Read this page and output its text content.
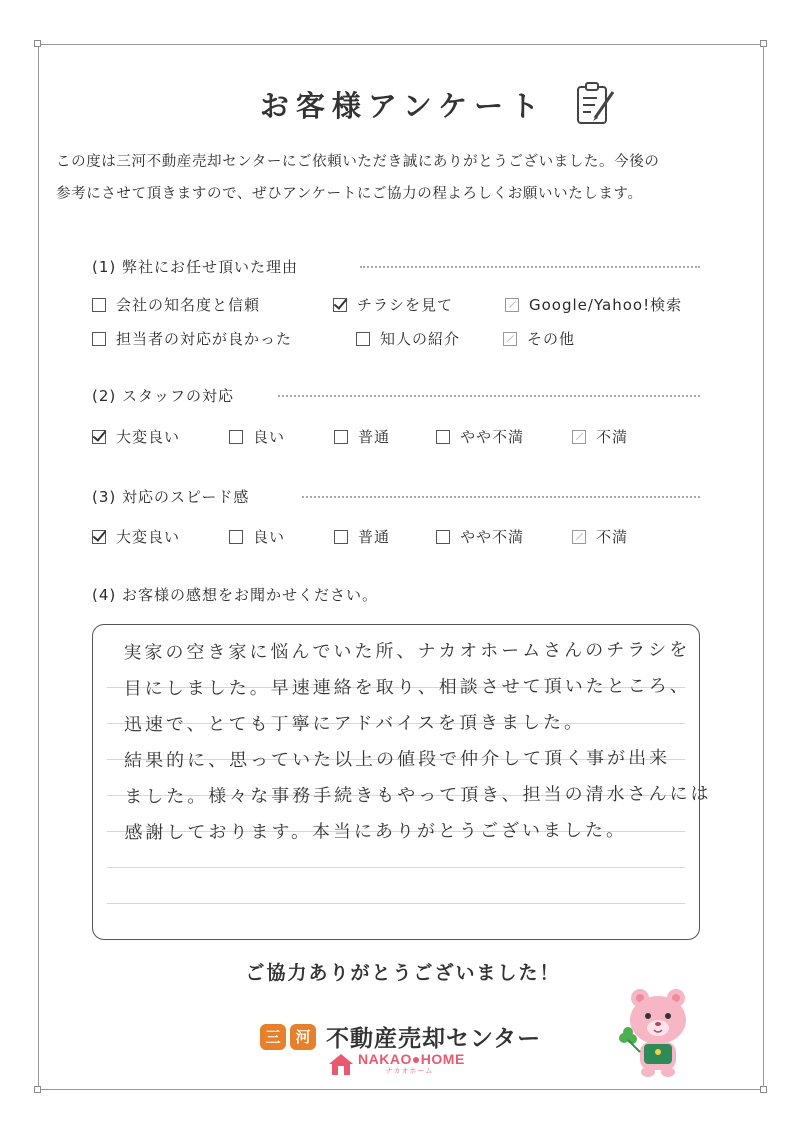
お客様アンケート
この度は三河不動産売却センターにご依頼いただき誠にありがとうございました。今後の
参考にさせて頂きますので、ぜひアンケートにご協力の程よろしくお願いいたします。
(1) 弊社にお任せ頂いた理由
会社の知名度と信頼	チラシを見て	Google/Yahoo!検索
担当者の対応が良かった	知人の紹介	その他
(2) スタッフの対応
大変良い	良い	普通	やや不満	不満
(3) 対応のスピード感
大変良い	良い	普通	やや不満	不満
(4) お客様の感想をお聞かせください。
実家の空き家に悩んでいた所、ナカオホームさんのチラシを
目にしました。早速連絡を取り、相談させて頂いたところ、
迅速で、とても丁寧にアドバイスを頂きました。
結果的に、思っていた以上の値段で仲介して頂く事が出来
ました。様々な事務手続きもやって頂き、担当の清水さんには
感謝しております。本当にありがとうございました。
ご協力ありがとうございました！
三 河 不動産売却センター
NAKAO●HOME
ナカオホーム
